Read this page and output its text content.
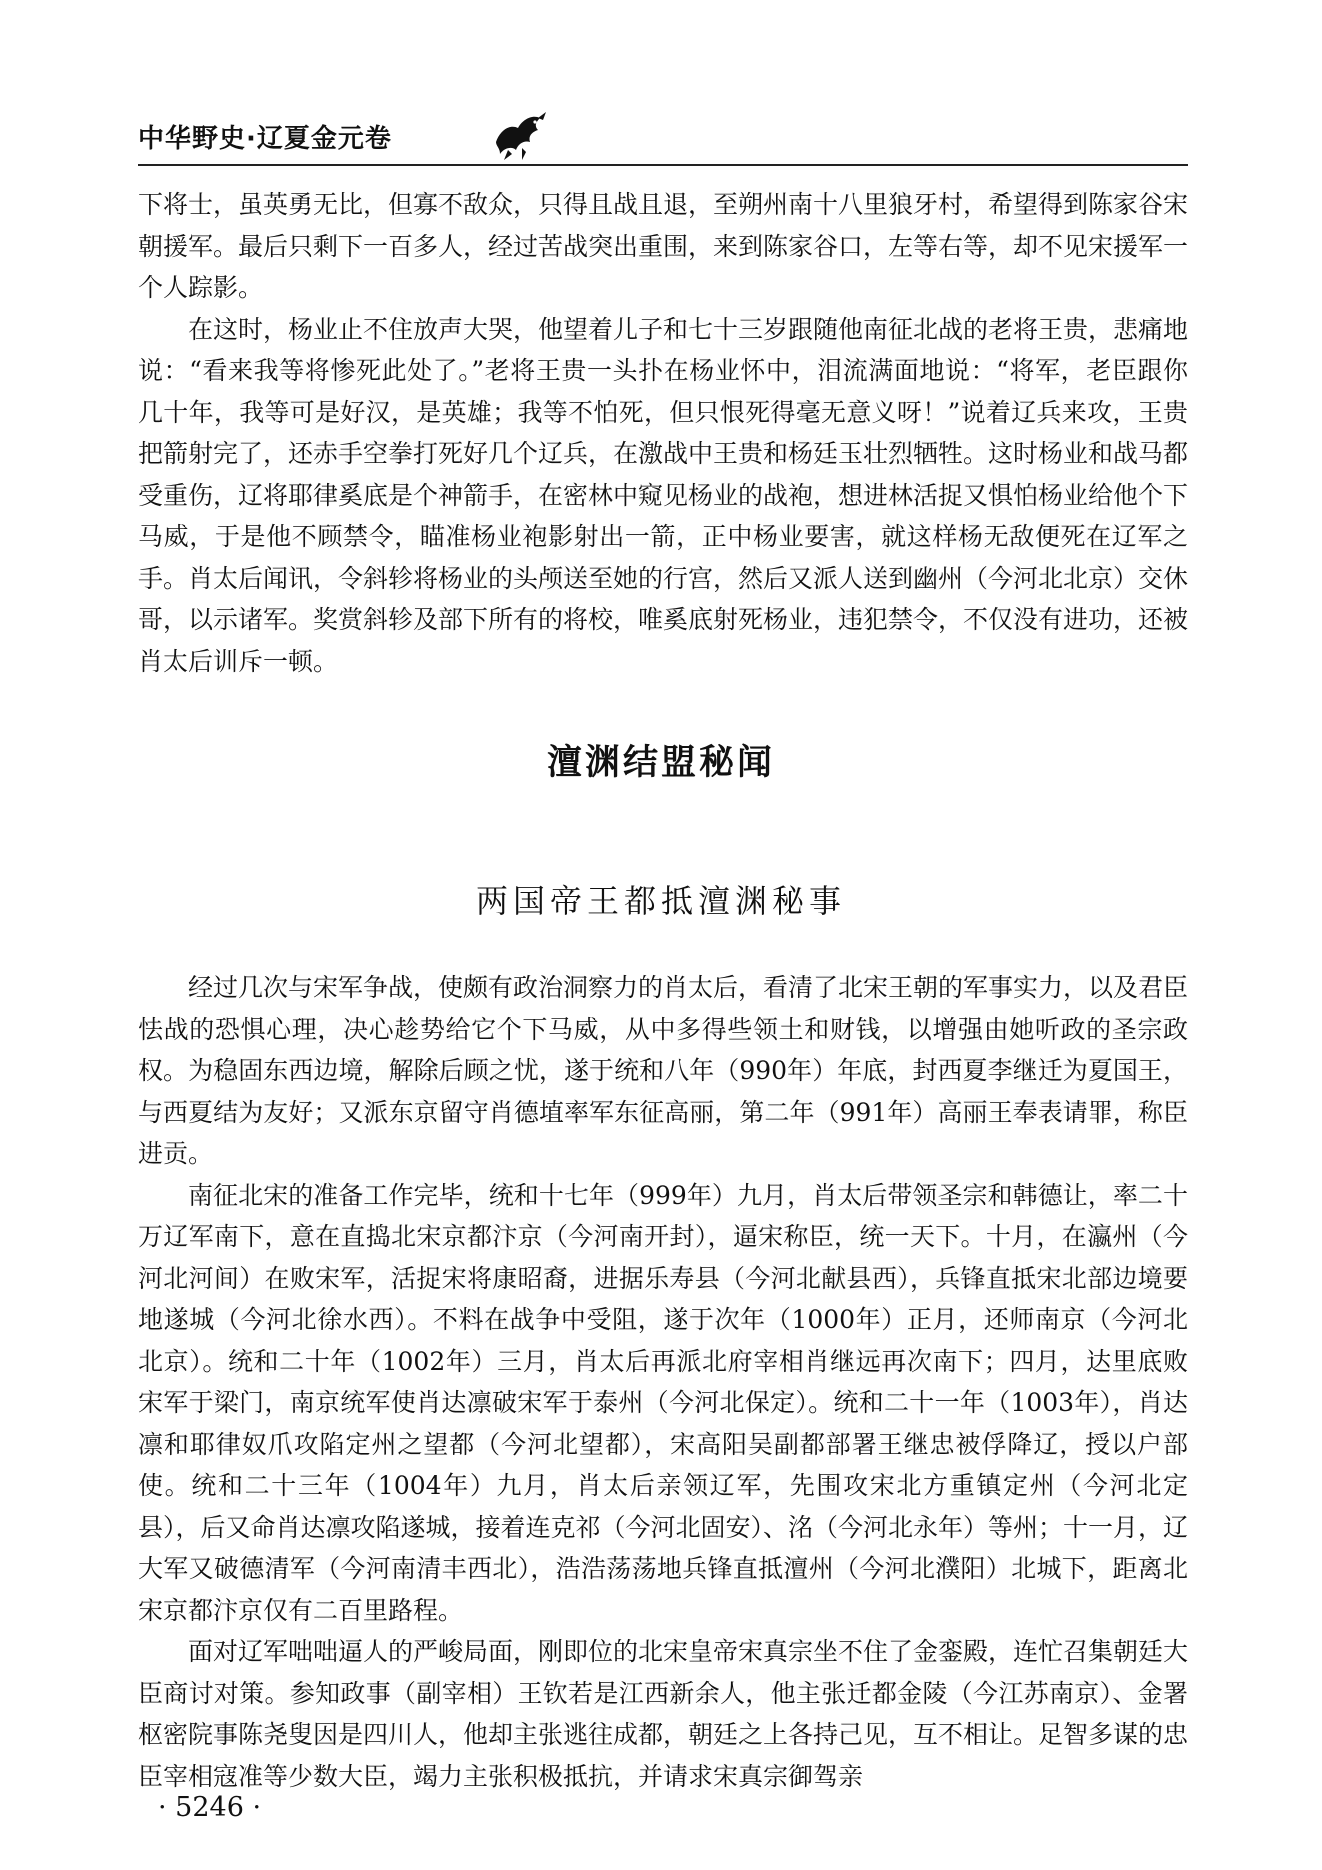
中华野史·辽夏金元卷

下将士，虽英勇无比，但寡不敌众，只得且战且退，至朔州南十八里狼牙村，希望得到陈家谷宋朝援军。最后只剩下一百多人，经过苦战突出重围，来到陈家谷口，左等右等，却不见宋援军一个人踪影。

在这时，杨业止不住放声大哭，他望着儿子和七十三岁跟随他南征北战的老将王贵，悲痛地说：“看来我等将惨死此处了。”老将王贵一头扑在杨业怀中，泪流满面地说：“将军，老臣跟你几十年，我等可是好汉，是英雄；我等不怕死，但只恨死得毫无意义呀！”说着辽兵来攻，王贵把箭射完了，还赤手空拳打死好几个辽兵，在激战中王贵和杨廷玉壮烈牺牲。这时杨业和战马都受重伤，辽将耶律奚底是个神箭手，在密林中窥见杨业的战袍，想进林活捉又惧怕杨业给他个下马威，于是他不顾禁令，瞄准杨业袍影射出一箭，正中杨业要害，就这样杨无敌便死在辽军之手。肖太后闻讯，令斜轸将杨业的头颅送至她的行宫，然后又派人送到幽州（今河北北京）交休哥，以示诸军。奖赏斜轸及部下所有的将校，唯奚底射死杨业，违犯禁令，不仅没有进功，还被肖太后训斥一顿。

澶渊结盟秘闻
两国帝王都抵澶渊秘事

经过几次与宋军争战，使颇有政治洞察力的肖太后，看清了北宋王朝的军事实力，以及君臣怯战的恐惧心理，决心趁势给它个下马威，从中多得些领土和财钱，以增强由她听政的圣宗政权。为稳固东西边境，解除后顾之忧，遂于统和八年（990年）年底，封西夏李继迁为夏国王，与西夏结为友好；又派东京留守肖德埴率军东征高丽，第二年（991年）高丽王奉表请罪，称臣进贡。

南征北宋的准备工作完毕，统和十七年（999年）九月，肖太后带领圣宗和韩德让，率二十万辽军南下，意在直捣北宋京都汴京（今河南开封），逼宋称臣，统一天下。十月，在瀛州（今河北河间）在败宋军，活捉宋将康昭裔，进据乐寿县（今河北献县西），兵锋直抵宋北部边境要地遂城（今河北徐水西）。不料在战争中受阻，遂于次年（1000年）正月，还师南京（今河北北京）。统和二十年（1002年）三月，肖太后再派北府宰相肖继远再次南下；四月，达里底败宋军于梁门，南京统军使肖达凛破宋军于泰州（今河北保定）。统和二十一年（1003年），肖达凛和耶律奴爪攻陷定州之望都（今河北望都），宋高阳吴副都部署王继忠被俘降辽，授以户部使。统和二十三年（1004年）九月，肖太后亲领辽军，先围攻宋北方重镇定州（今河北定县），后又命肖达凛攻陷遂城，接着连克祁（今河北固安）、洺（今河北永年）等州；十一月，辽大军又破德清军（今河南清丰西北），浩浩荡荡地兵锋直抵澶州（今河北濮阳）北城下，距离北宋京都汴京仅有二百里路程。

面对辽军咄咄逼人的严峻局面，刚即位的北宋皇帝宋真宗坐不住了金銮殿，连忙召集朝廷大臣商讨对策。参知政事（副宰相）王钦若是江西新余人，他主张迁都金陵（今江苏南京）、金署枢密院事陈尧叟因是四川人，他却主张逃往成都，朝廷之上各持己见，互不相让。足智多谋的忠臣宰相寇准等少数大臣，竭力主张积极抵抗，并请求宋真宗御驾亲

· 5246 ·
